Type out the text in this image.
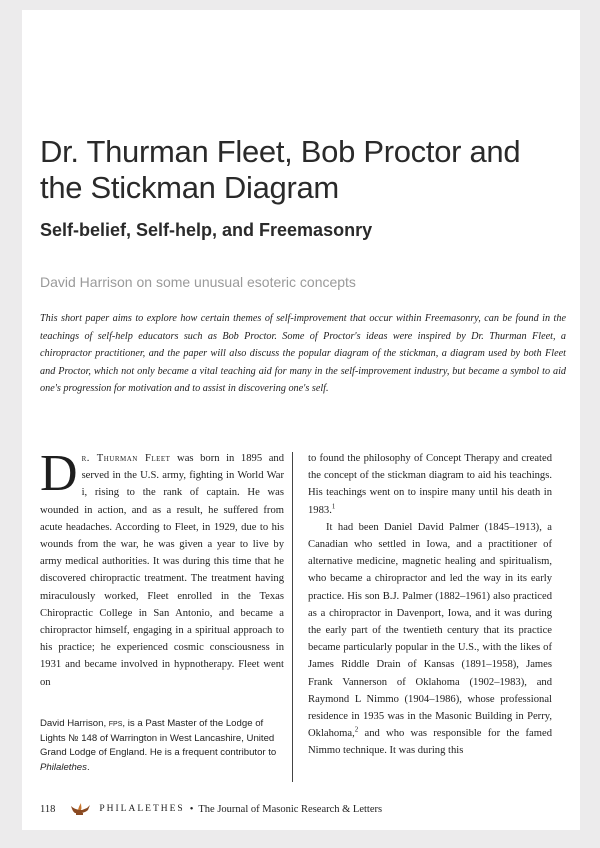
Dr. Thurman Fleet, Bob Proctor and the Stickman Diagram
Self-belief, Self-help, and Freemasonry
David Harrison on some unusual esoteric concepts
This short paper aims to explore how certain themes of self-improvement that occur within Freemasonry, can be found in the teachings of self-help educators such as Bob Proctor. Some of Proctor's ideas were inspired by Dr. Thurman Fleet, a chiropractor practitioner, and the paper will also discuss the popular diagram of the stickman, a diagram used by both Fleet and Proctor, which not only became a vital teaching aid for many in the self-improvement industry, but became a symbol to aid one's progression for motivation and to assist in discovering one's self.

Dr. Thurman Fleet was born in 1895 and served in the U.S. army, fighting in World War i, rising to the rank of captain. He was wounded in action, and as a result, he suffered from acute headaches. According to Fleet, in 1929, due to his wounds from the war, he was given a year to live by army medical authorities. It was during this time that he discovered chiropractic treatment. The treatment having miraculously worked, Fleet enrolled in the Texas Chiropractic College in San Antonio, and became a chiropractor himself, engaging in a spiritual approach to his practice; he experienced cosmic consciousness in 1931 and became involved in hypnotherapy. Fleet went on

to found the philosophy of Concept Therapy and created the concept of the stickman diagram to aid his teachings. His teachings went on to inspire many until his death in 1983.$^1$

It had been Daniel David Palmer (1845–1913), a Canadian who settled in Iowa, and a practitioner of alternative medicine, magnetic healing and spiritualism, who became a chiropractor and led the way in its early practice. His son B.J. Palmer (1882–1961) also practiced as a chiropractor in Davenport, Iowa, and it was during the early part of the twentieth century that its practice became particularly popular in the U.S., with the likes of James Riddle Drain of Kansas (1891–1958), James Frank Vannerson of Oklahoma (1902–1983), and Raymond L Nimmo (1904–1986), whose professional residence in 1935 was in the Masonic Building in Perry, Oklahoma,$^2$ and who was responsible for the famed Nimmo technique. It was during this

David Harrison, fps, is a Past Master of the Lodge of Lights № 148 of Warrington in West Lancashire, United Grand Lodge of England. He is a frequent contributor to Philalethes.
118	PHILALETHES • The Journal of Masonic Research & Letters
